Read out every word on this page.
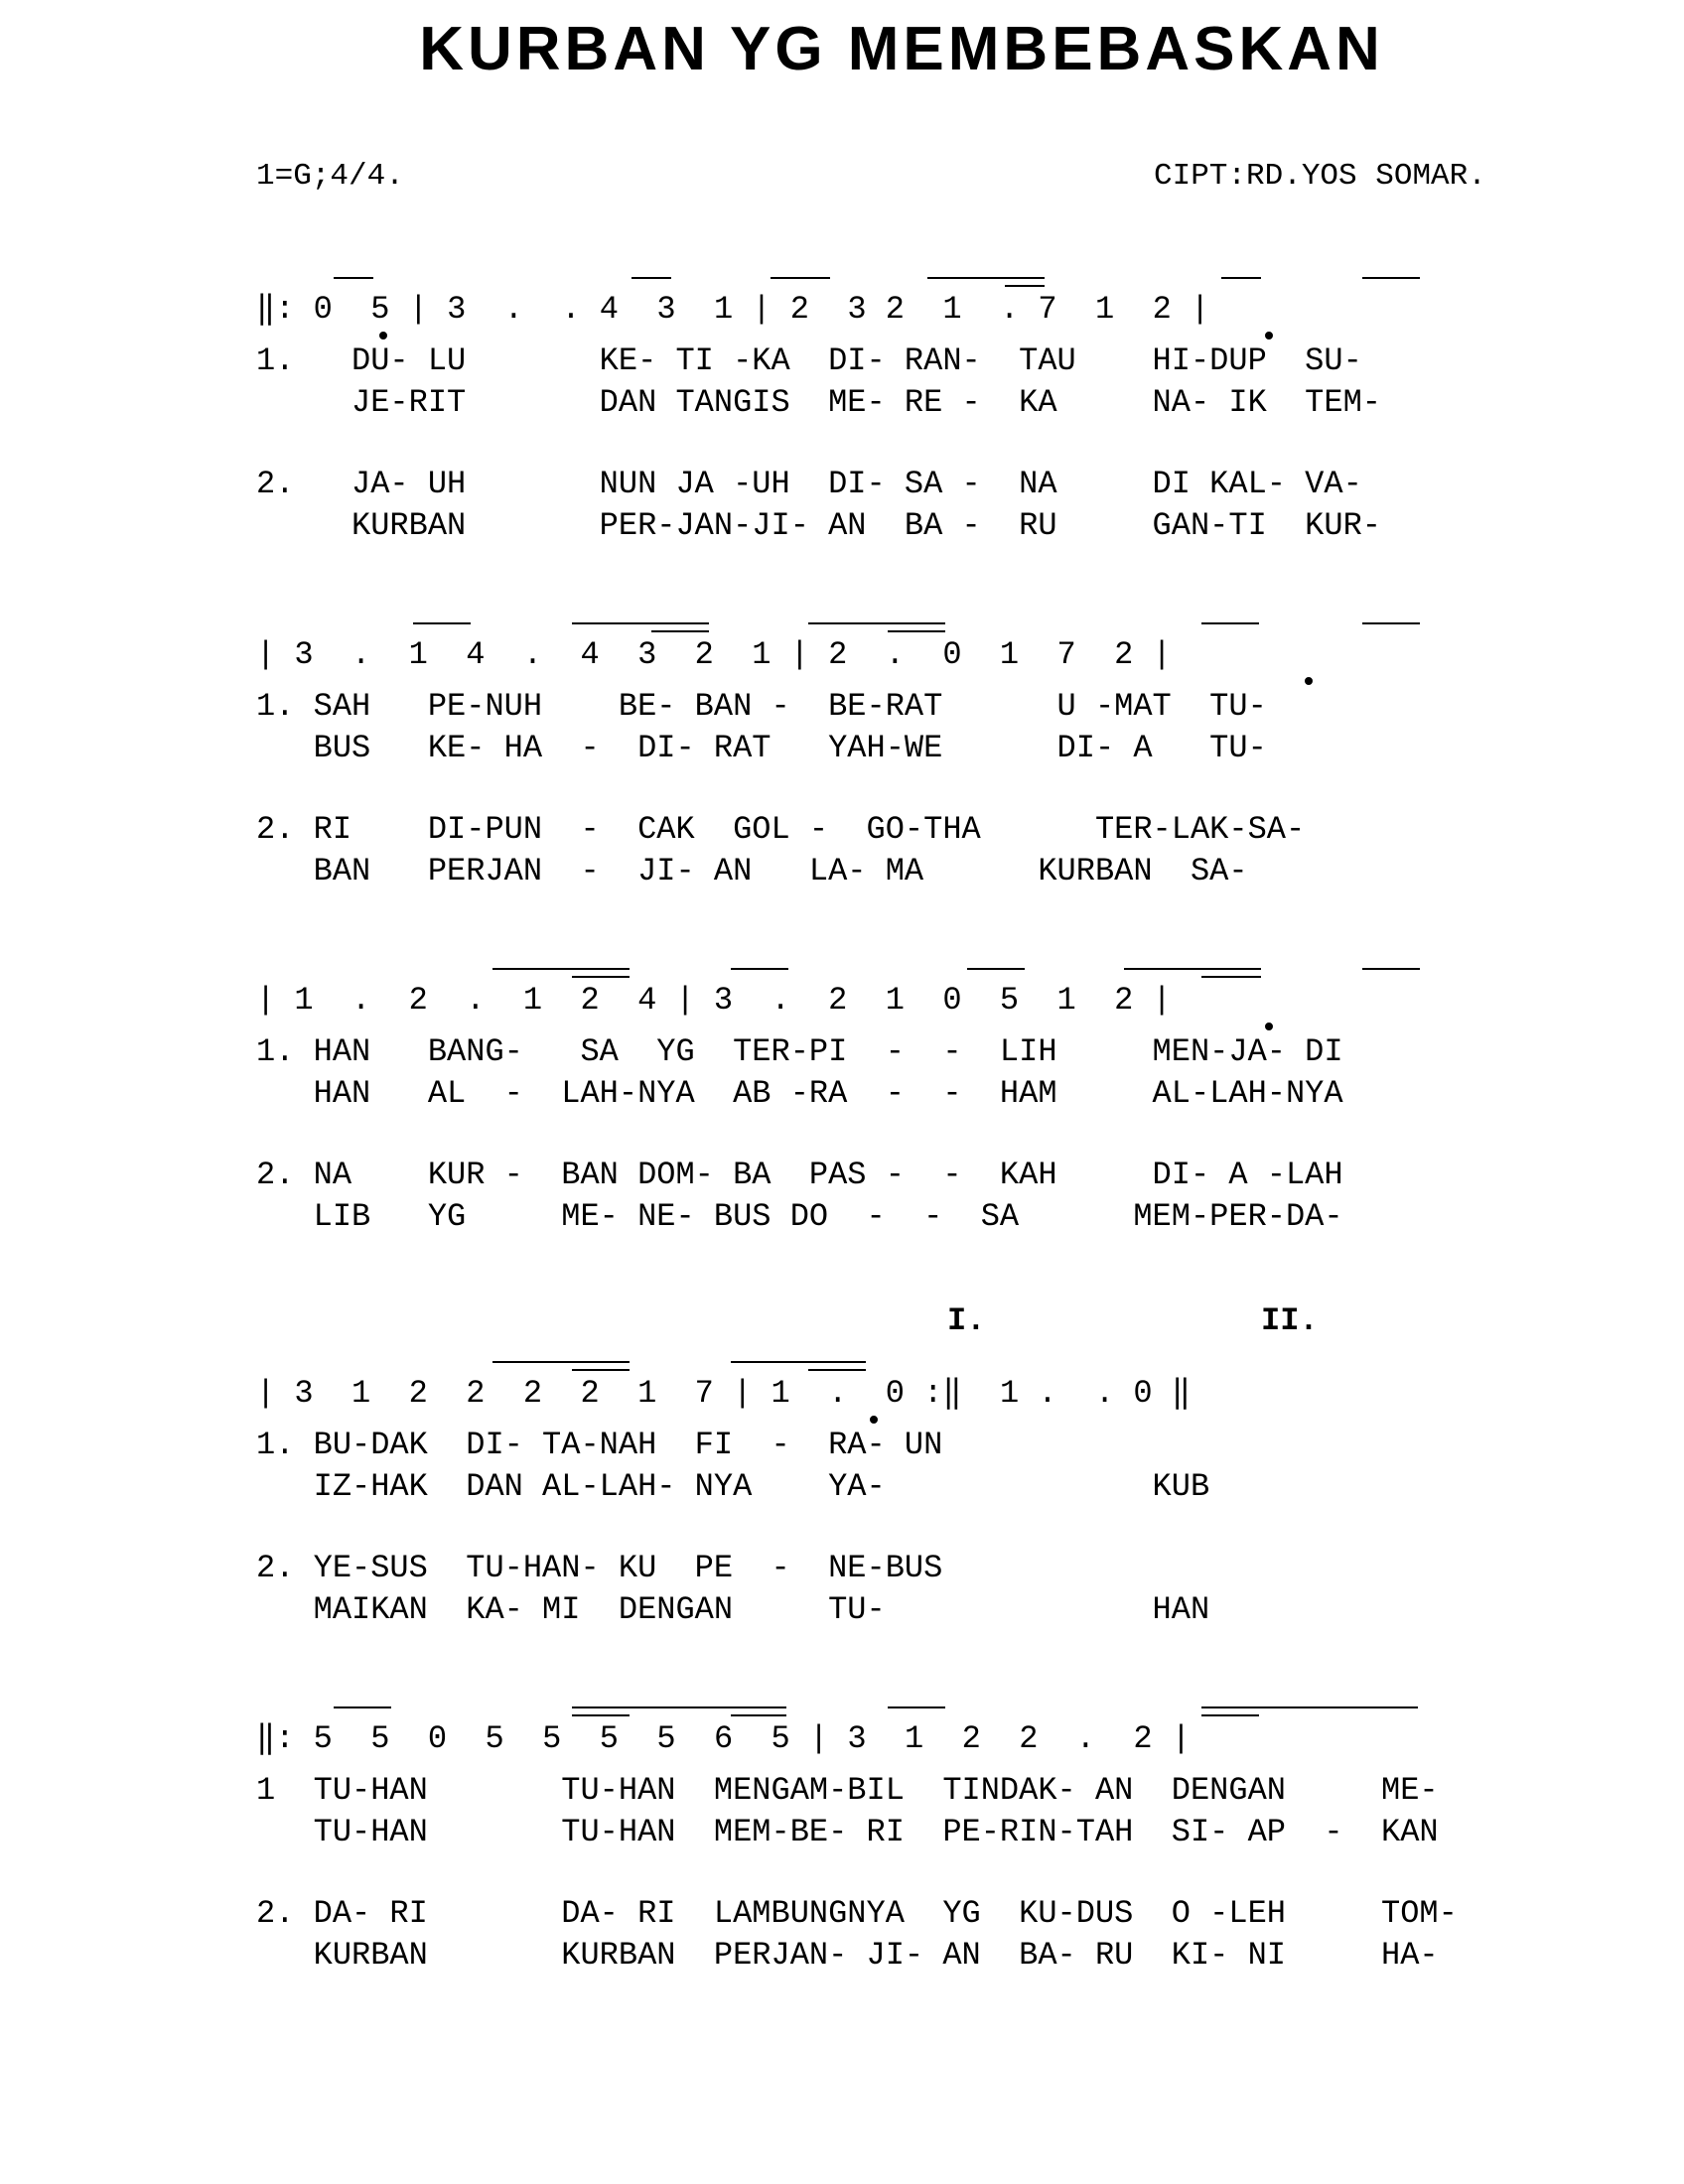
KURBAN YG MEMBEBASKAN
1=G;4/4.	CIPT:RD.YOS SOMAR.
‖: 0  5 | 3  .  . 4  3  1 | 2  3 2  1  . 7  1  2 |
1.   DU- LU       KE- TI -KA  DI- RAN-  TAU    HI-DUP  SU-
JE-RIT       DAN TANGIS  ME- RE -  KA     NA- IK  TEM-
2.   JA- UH       NUN JA -UH  DI- SA -  NA     DI KAL- VA-
KURBAN       PER-JAN-JI- AN  BA -  RU     GAN-TI  KUR-
| 3  .  1  4  .  4  3  2  1 | 2  .  0  1  7  2 |
1. SAH   PE-NUH    BE- BAN -  BE-RAT      U -MAT  TU-
BUS   KE- HA  -  DI- RAT   YAH-WE      DI- A   TU-
2. RI    DI-PUN  -  CAK  GOL -  GO-THA      TER-LAK-SA-
BAN   PERJAN  -  JI- AN   LA- MA      KURBAN  SA-
| 1  .  2  .  1  2  4 | 3  .  2  1  0  5  1  2 |
1. HAN   BANG-   SA  YG  TER-PI  -  -  LIH     MEN-JA- DI
HAN   AL  -  LAH-NYA  AB -RA  -  -  HAM     AL-LAH-NYA
2. NA    KUR -  BAN DOM- BA  PAS -  -  KAH     DI- A -LAH
LIB   YG     ME- NE- BUS DO  -  -  SA      MEM-PER-DA-
I.	II.
| 3  1  2  2  2  2  1  7 | 1  .  0 :‖  1 .  . 0 ‖
1. BU-DAK  DI- TA-NAH  FI  -  RA- UN
IZ-HAK  DAN AL-LAH- NYA    YA-              KUB
2. YE-SUS  TU-HAN- KU  PE  -  NE-BUS
MAIKAN  KA- MI  DENGAN     TU-              HAN
‖: 5  5  0  5  5  5  5  6  5 | 3  1  2  2  .  2 |
1  TU-HAN       TU-HAN  MENGAM-BIL  TINDAK- AN  DENGAN     ME-
TU-HAN       TU-HAN  MEM-BE- RI  PE-RIN-TAH  SI- AP  -  KAN
2. DA- RI       DA- RI  LAMBUNGNYA  YG  KU-DUS  O -LEH     TOM-
KURBAN       KURBAN  PERJAN- JI- AN  BA- RU  KI- NI     HA-
